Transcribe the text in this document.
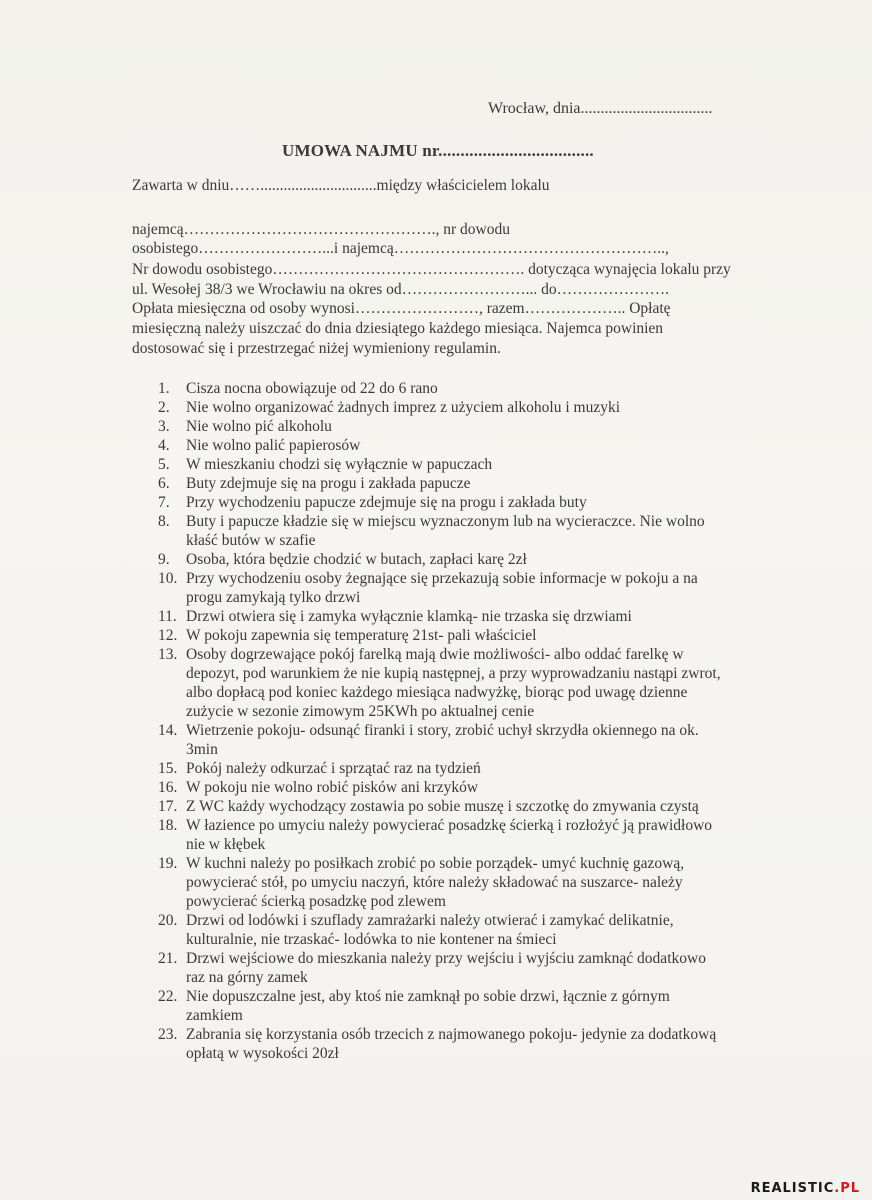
Wrocław, dnia.................................
UMOWA NAJMU nr...................................
Zawarta w dniu……..............................między właścicielem lokalu
najemcą…………………………………………., nr dowodu
osobistego……………………...i najemcą……………………………………………..,
Nr dowodu osobistego…………………………………………. dotycząca wynajęcia lokalu przy
ul. Wesołej 38/3 we Wrocławiu na okres od……………………... do………………….
Opłata miesięczna od osoby wynosi……………………, razem……………….. Opłatę
miesięczną należy uiszczać do dnia dziesiątego każdego miesiąca. Najemca powinien
dostosować się i przestrzegać niżej wymieniony regulamin.
1.	Cisza nocna obowiązuje od 22 do 6 rano
2.	Nie wolno organizować żadnych imprez z użyciem alkoholu i muzyki
3.	Nie wolno pić alkoholu
4.	Nie wolno palić papierosów
5.	W mieszkaniu chodzi się wyłącznie w papuczach
6.	Buty zdejmuje się na progu i zakłada papucze
7.	Przy wychodzeniu papucze zdejmuje się na progu i zakłada buty
8.	Buty i papucze kładzie się w miejscu wyznaczonym lub na wycieraczce. Nie wolno
kłaść butów w szafie
9.	Osoba, która będzie chodzić w butach, zapłaci karę 2zł
10. Przy wychodzeniu osoby żegnające się przekazują sobie informacje w pokoju a na
progu zamykają tylko drzwi
11. Drzwi otwiera się i zamyka wyłącznie klamką- nie trzaska się drzwiami
12. W pokoju zapewnia się temperaturę 21st- pali właściciel
13. Osoby dogrzewające pokój farelką mają dwie możliwości- albo oddać farelkę w
depozyt, pod warunkiem że nie kupią następnej, a przy wyprowadzaniu nastąpi zwrot,
albo dopłacą pod koniec każdego miesiąca nadwyżkę, biorąc pod uwagę dzienne
zużycie w sezonie zimowym 25KWh po aktualnej cenie
14. Wietrzenie pokoju- odsunąć firanki i story, zrobić uchył skrzydła okiennego na ok.
3min
15. Pokój należy odkurzać i sprzątać raz na tydzień
16. W pokoju nie wolno robić pisków ani krzyków
17. Z WC każdy wychodzący zostawia po sobie muszę i szczotkę do zmywania czystą
18. W łazience po umyciu należy powycierać posadzkę ścierką i rozłożyć ją prawidłowo
nie w kłębek
19. W kuchni należy po posiłkach zrobić po sobie porządek- umyć kuchnię gazową,
powycierać stół, po umyciu naczyń, które należy składować na suszarce- należy
powycierać ścierką posadzkę pod zlewem
20. Drzwi od lodówki i szuflady zamrażarki należy otwierać i zamykać delikatnie,
kulturalnie, nie trzaskać- lodówka to nie kontener na śmieci
21. Drzwi wejściowe do mieszkania należy przy wejściu i wyjściu zamknąć dodatkowo
raz na górny zamek
22. Nie dopuszczalne jest, aby ktoś nie zamknął po sobie drzwi, łącznie z górnym
zamkiem
23. Zabrania się korzystania osób trzecich z najmowanego pokoju- jedynie za dodatkową
opłatą w wysokości 20zł
REALISTIC.PL
